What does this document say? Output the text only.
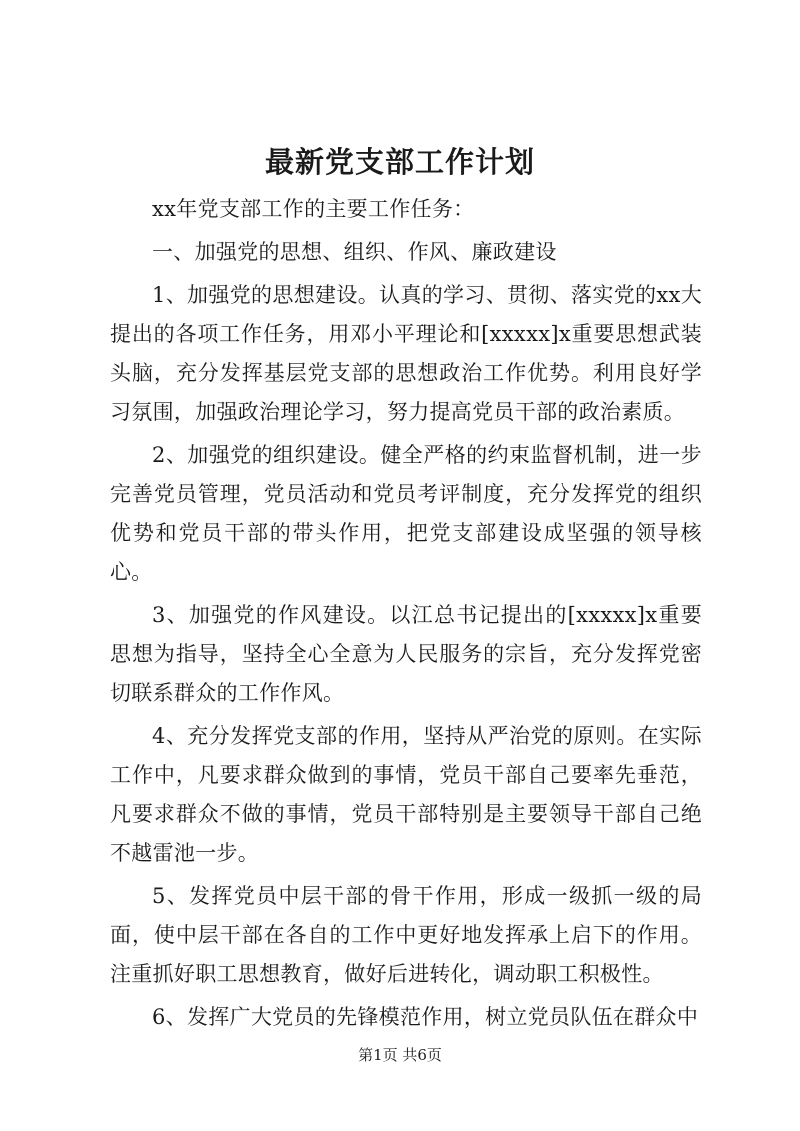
最新党支部工作计划

xx年党支部工作的主要工作任务：

一、加强党的思想、组织、作风、廉政建设

1、加强党的思想建设。认真的学习、贯彻、落实党的xx大提出的各项工作任务，用邓小平理论和[xxxxx]x重要思想武装头脑，充分发挥基层党支部的思想政治工作优势。利用良好学习氛围，加强政治理论学习，努力提高党员干部的政治素质。

2、加强党的组织建设。健全严格的约束监督机制，进一步完善党员管理，党员活动和党员考评制度，充分发挥党的组织优势和党员干部的带头作用，把党支部建设成坚强的领导核心。

3、加强党的作风建设。以江总书记提出的[xxxxx]x重要思想为指导，坚持全心全意为人民服务的宗旨，充分发挥党密切联系群众的工作作风。

4、充分发挥党支部的作用，坚持从严治党的原则。在实际工作中，凡要求群众做到的事情，党员干部自己要率先垂范，凡要求群众不做的事情，党员干部特别是主要领导干部自己绝不越雷池一步。

5、发挥党员中层干部的骨干作用，形成一级抓一级的局面，使中层干部在各自的工作中更好地发挥承上启下的作用。注重抓好职工思想教育，做好后进转化，调动职工积极性。

6、发挥广大党员的先锋模范作用，树立党员队伍在群众中

第1页 共6页
